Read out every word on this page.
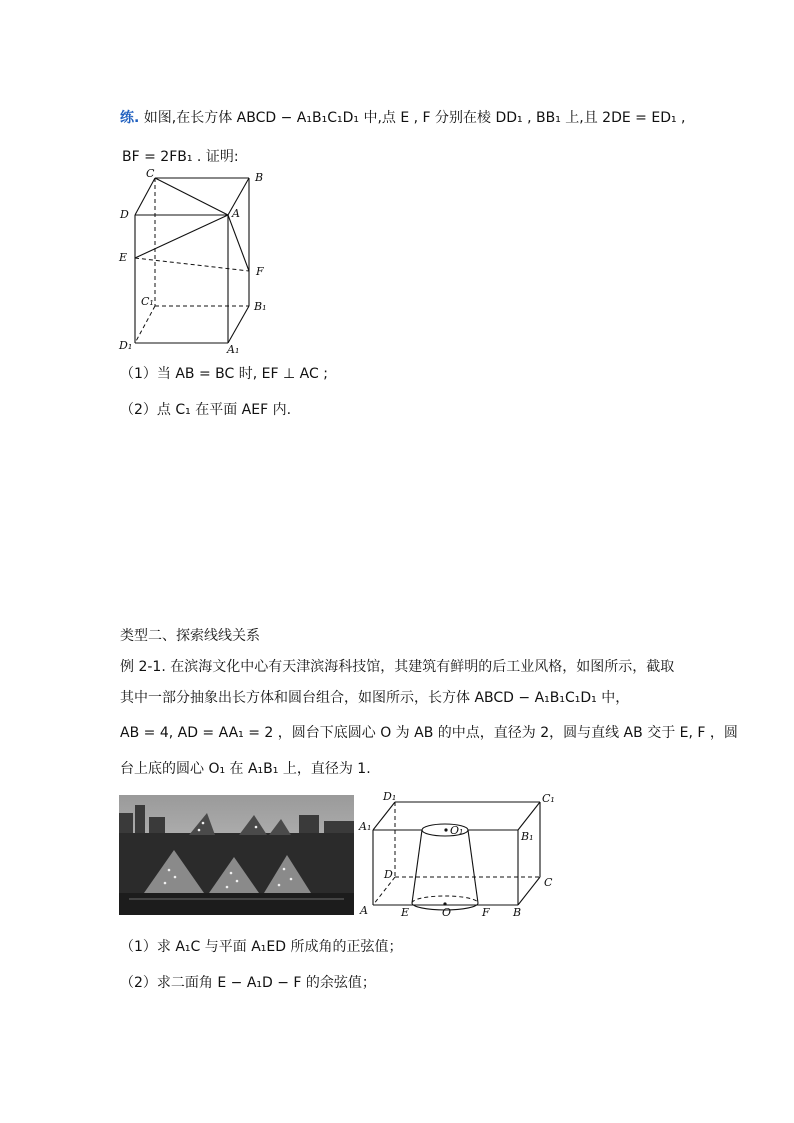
练. 如图,在长方体 ABCD − A₁B₁C₁D₁ 中,点 E , F 分别在棱 DD₁ , BB₁ 上,且 2DE = ED₁ ,
BF = 2FB₁ . 证明:
C	B
D	A
E
F
C₁	B₁
D₁	A₁
（1）当 AB = BC 时, EF ⊥ AC ;
（2）点 C₁ 在平面 AEF 内.
类型二、探索线线关系
例 2-1. 在滨海文化中心有天津滨海科技馆，其建筑有鲜明的后工业风格，如图所示，截取
其中一部分抽象出长方体和圆台组合，如图所示，长方体 ABCD − A₁B₁C₁D₁ 中，
AB = 4, AD = AA₁ = 2 ，圆台下底圆心 O 为 AB 的中点，直径为 2，圆与直线 AB 交于 E, F ，圆
台上底的圆心 O₁ 在 A₁B₁ 上，直径为 1.
D₁	C₁
A₁	O₁	B₁
D
C
A	E	O	F B
（1）求 A₁C 与平面 A₁ED 所成角的正弦值；
（2）求二面角 E − A₁D − F 的余弦值；
